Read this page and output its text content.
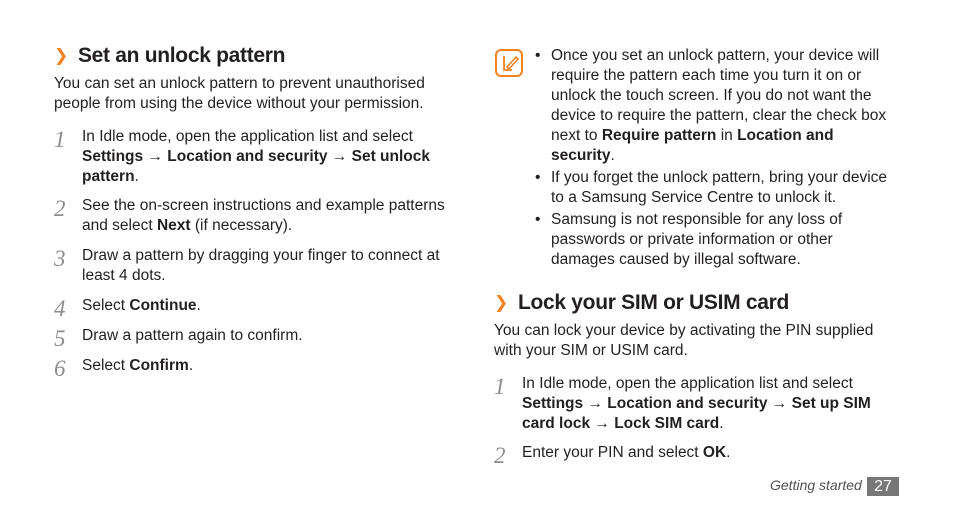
❯ Set an unlock pattern

You can set an unlock pattern to prevent unauthorised people from using the device without your permission.

1 In Idle mode, open the application list and select Settings → Location and security → Set unlock pattern.
2 See the on-screen instructions and example patterns and select Next (if necessary).
3 Draw a pattern by dragging your finger to connect at least 4 dots.
4 Select Continue.
5 Draw a pattern again to confirm.
6 Select Confirm.
• Once you set an unlock pattern, your device will require the pattern each time you turn it on or unlock the touch screen. If you do not want the device to require the pattern, clear the check box next to Require pattern in Location and security.
• If you forget the unlock pattern, bring your device to a Samsung Service Centre to unlock it.
• Samsung is not responsible for any loss of passwords or private information or other damages caused by illegal software.
❯ Lock your SIM or USIM card

You can lock your device by activating the PIN supplied with your SIM or USIM card.

1 In Idle mode, open the application list and select Settings → Location and security → Set up SIM card lock → Lock SIM card.
2 Enter your PIN and select OK.
Getting started 27
